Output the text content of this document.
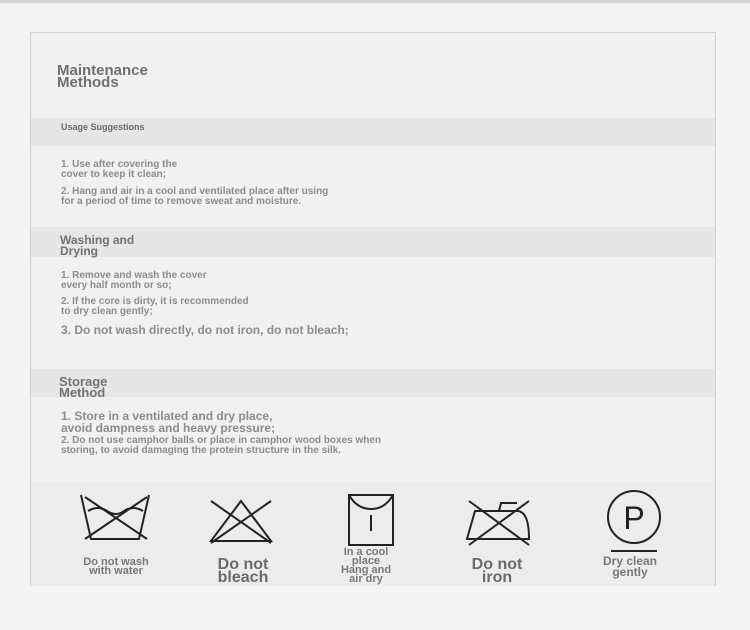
Maintenance
Methods
Usage Suggestions
1. Use after covering the
cover to keep it clean;
2. Hang and air in a cool and ventilated place after using
for a period of time to remove sweat and moisture.
Washing and
Drying
1. Remove and wash the cover
every half month or so;
2. If the core is dirty, it is recommended
to dry clean gently;
3. Do not wash directly, do not iron, do not bleach;
Storage
Method
1. Store in a ventilated and dry place,
avoid dampness and heavy pressure;
2. Do not use camphor balls or place in camphor wood boxes when
storing, to avoid damaging the protein structure in the silk.
P
Do not wash
with water	Do not
bleach
In a cool
place
Hang and
air dry
Do not
iron
Dry clean
gently
